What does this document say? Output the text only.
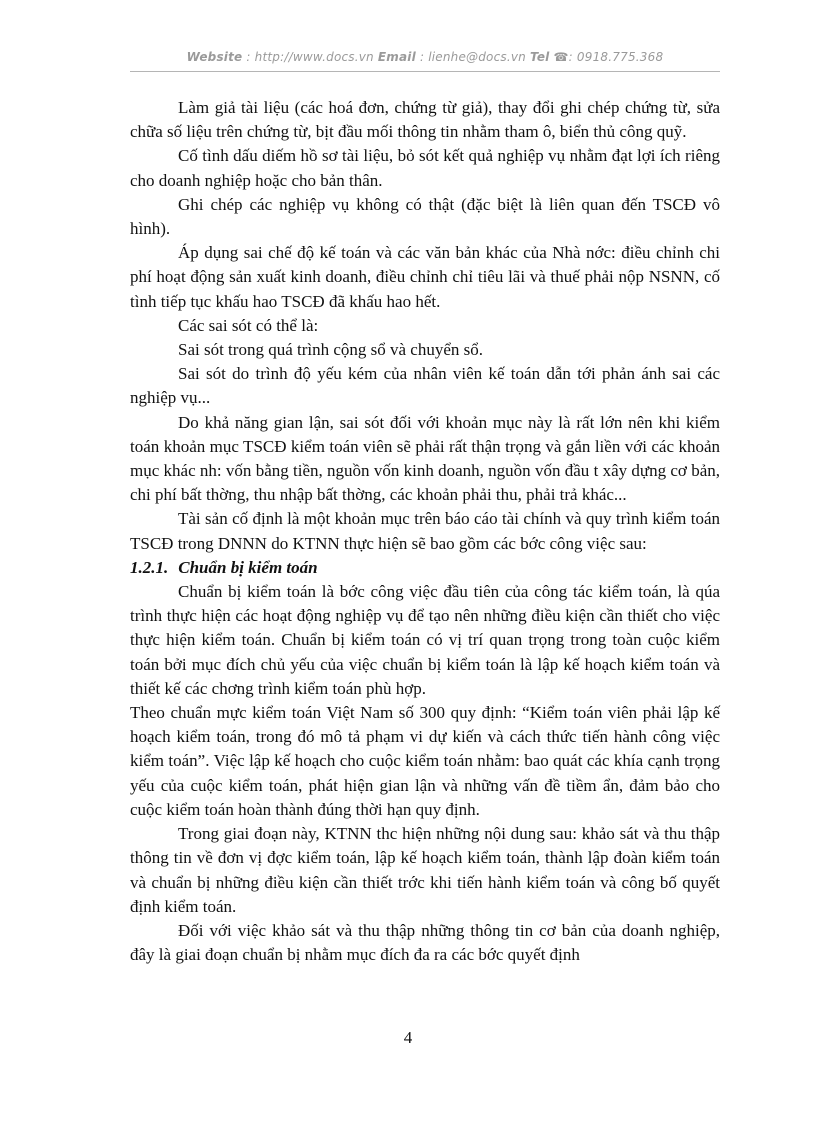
Website : http://www.docs.vn Email : lienhe@docs.vn Tel ☎: 0918.775.368

Làm giả tài liệu (các hoá đơn, chứng từ giả), thay đổi ghi chép chứng từ, sửa chữa số liệu trên chứng từ, bịt đầu mối thông tin nhằm tham ô, biển thủ công quỹ.

Cố tình dấu diếm hồ sơ tài liệu, bỏ sót kết quả nghiệp vụ nhằm đạt lợi ích riêng cho doanh nghiệp hoặc cho bản thân.

Ghi chép các nghiệp vụ không có thật (đặc biệt là liên quan đến TSCĐ vô hình).

Áp dụng sai chế độ kế toán và các văn bản khác của Nhà nớc: điều chỉnh chi phí hoạt động sản xuất kinh doanh, điều chỉnh chỉ tiêu lãi và thuế phải nộp NSNN, cố tình tiếp tục khấu hao TSCĐ đã khấu hao hết.

Các sai sót có thể là:

Sai sót trong quá trình cộng sổ và chuyển sổ.

Sai sót do trình độ yếu kém của nhân viên kế toán dẫn tới phản ánh sai các nghiệp vụ...

Do khả năng gian lận, sai sót đối với khoản mục này là rất lớn nên khi kiểm toán khoản mục TSCĐ kiểm toán viên sẽ phải rất thận trọng và gắn liền với các khoản mục khác nh: vốn bằng tiền, nguồn vốn kinh doanh, nguồn vốn đầu t xây dựng cơ bản, chi phí bất thờng, thu nhập bất thờng, các khoản phải thu, phải trả khác...

Tài sản cố định là một khoản mục trên báo cáo tài chính và quy trình kiểm toán TSCĐ trong DNNN do KTNN thực hiện sẽ bao gồm các bớc công việc sau:

1.2.1. Chuẩn bị kiểm toán

Chuẩn bị kiểm toán là bớc công việc đầu tiên của công tác kiểm toán, là qúa trình thực hiện các hoạt động nghiệp vụ để tạo nên những điều kiện cần thiết cho việc thực hiện kiểm toán. Chuẩn bị kiểm toán có vị trí quan trọng trong toàn cuộc kiểm toán bởi mục đích chủ yếu của việc chuẩn bị kiểm toán là lập kế hoạch kiểm toán và thiết kế các chơng trình kiểm toán phù hợp.

Theo chuẩn mực kiểm toán Việt Nam số 300 quy định: “Kiểm toán viên phải lập kế hoạch kiểm toán, trong đó mô tả phạm vi dự kiến và cách thức tiến hành công việc kiểm toán”. Việc lập kế hoạch cho cuộc kiểm toán nhằm: bao quát các khía cạnh trọng yếu của cuộc kiểm toán, phát hiện gian lận và những vấn đề tiềm ẩn, đảm bảo cho cuộc kiểm toán hoàn thành đúng thời hạn quy định.

Trong giai đoạn này, KTNN thc hiện những nội dung sau: khảo sát và thu thập thông tin về đơn vị đợc kiểm toán, lập kế hoạch kiểm toán, thành lập đoàn kiểm toán và chuẩn bị những điều kiện cần thiết trớc khi tiến hành kiểm toán và công bố quyết định kiểm toán.

Đối với việc khảo sát và thu thập những thông tin cơ bản của doanh nghiệp, đây là giai đoạn chuẩn bị nhằm mục đích đa ra các bớc quyết định

4
